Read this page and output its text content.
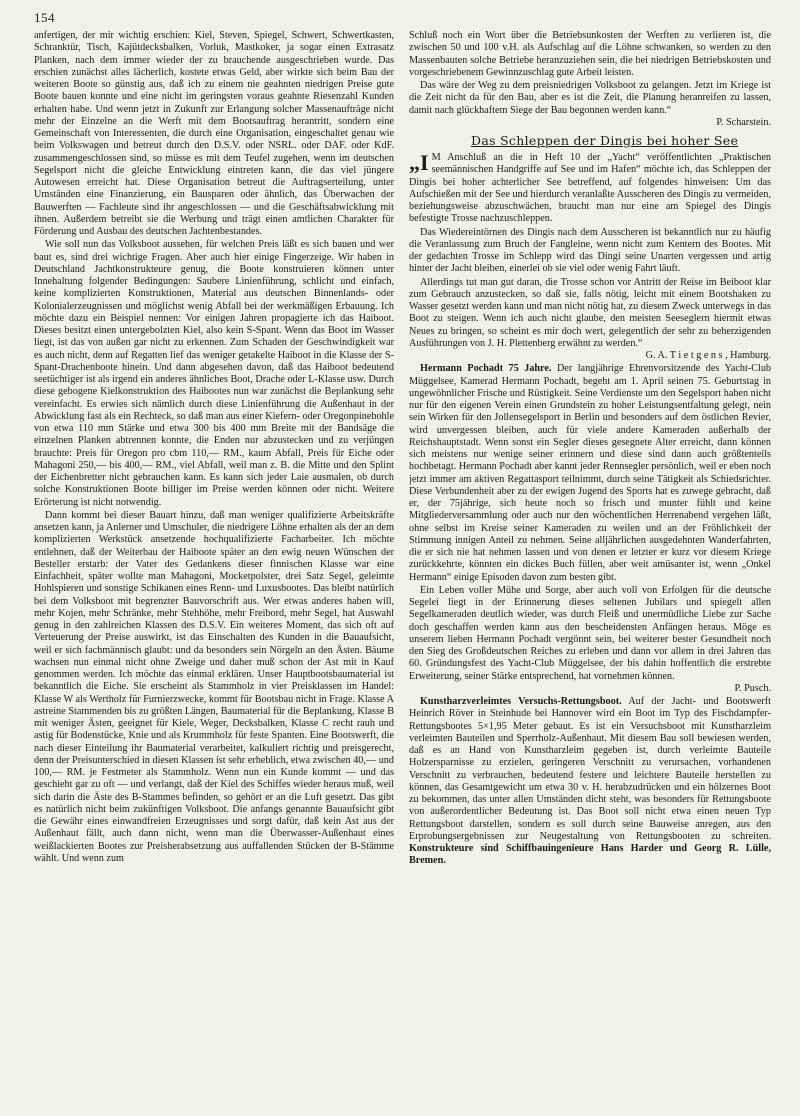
154

anfertigen, der mir wichtig erschien: Kiel, Steven, Spiegel, Schwert, Schwertkasten, Schranktür, Tisch, Kajütdecksbalken, Vorluk, Mastkoker, ja sogar einen Extrasatz Planken, nach dem immer wieder der zu brauchende ausgeschrieben wurde. Das erschien zunächst alles lächerlich, kostete etwas Geld, aber wirkte sich beim Bau der weiteren Boote so günstig aus, daß ich zu einem nie geahnten niedrigen Preise gute Boote bauen konnte und eine nicht im geringsten voraus geahnte Riesenzahl Kunden erhalten habe. Und wenn jetzt in Zukunft zur Erlangung solcher Massenaufträge nicht mehr der Einzelne an die Werft mit dem Bootsauftrag herantritt, sondern eine Gemeinschaft von Interessenten, die durch eine Organisation, eingeschaltet genau wie beim Volkswagen und betreut durch den D.S.V. oder NSRL. oder DAF. oder KdF. zusammengeschlossen sind, so müsse es mit dem Teufel zugehen, wenn im deutschen Segelsport nicht die gleiche Entwicklung eintreten kann, die das viel jüngere Autowesen erreicht hat. Diese Organisation betreut die Auftragserteilung, unter Umständen eine Finanzierung, ein Bausparen oder ähnlich, das Überwachen der Bauwerften — Fachleute sind ihr angeschlossen — und die Geschäftsabwicklung mit ihnen. Außerdem betreibt sie die Werbung und trägt einen amtlichen Charakter für Förderung und Ausbau des deutschen Jachtenbestandes.

Wie soll nun das Volksboot aussehen, für welchen Preis läßt es sich bauen und wer baut es, sind drei wichtige Fragen. Aber auch hier einige Fingerzeige. Wir haben in Deutschland Jachtkonstrukteure genug, die Boote konstruieren können unter Innehaltung folgender Bedingungen: Saubere Linienführung, schlicht und einfach, keine komplizierten Konstruktionen, Material aus deutschen Binnenlands- oder Kolonialerzeugnissen und möglichst wenig Abfall bei der werkmäßigen Erbauung. Ich möchte dazu ein Beispiel nennen: Vor einigen Jahren propagierte ich das Haiboot. Dieses besitzt einen untergebolzten Kiel, also kein S-Spant. Wenn das Boot im Wasser liegt, ist das von außen gar nicht zu erkennen. Zum Schaden der Geschwindigkeit war es auch nicht, denn auf Regatten lief das weniger getakelte Haiboot in die Klasse der S-Spant-Drachenboote hinein. Und dann abgesehen davon, daß das Haiboot bedeutend seetüchtiger ist als irgend ein anderes ähnliches Boot, Drache oder L-Klasse usw. Durch diese gebogene Kielkonstruktion des Haibootes nun war zunächst die Beplankung sehr vereinfacht. Es erwies sich nämlich durch diese Linienführung die Außenhaut in der Abwicklung fast als ein Rechteck, so daß man aus einer Kiefern- oder Oregonpinebohle von etwa 110 mm Stärke und etwa 300 bis 400 mm Breite mit der Bandsäge die einzelnen Planken abtrennen konnte, die Enden nur abzustecken und zu verjüngen brauchte: Preis für Oregon pro cbm 110,— RM., kaum Abfall, Preis für Eiche oder Mahagoni 250,— bis 400,— RM., viel Abfall, weil man z. B. die Mitte und den Splint der Eichenbretter nicht gebrauchen kann. Es kann sich jeder Laie ausmalen, ob durch solche Konstruktionen Boote billiger im Preise werden können oder nicht. Weitere Erörterung ist nicht notwendig.

Dann kommt bei dieser Bauart hinzu, daß man weniger qualifizierte Arbeitskräfte ansetzen kann, ja Anlerner und Umschuler, die niedrigere Löhne erhalten als der an dem komplizierten Werkstück ansetzende hochqualifizierte Facharbeiter. Ich möchte entlehnen, daß der Weiterbau der Haiboote später an den ewig neuen Wünschen der Besteller erstarb: der Vater des Gedankens dieser finnischen Klasse war eine Einfachheit, später wollte man Mahagoni, Mocketpolster, drei Satz Segel, geleimte Hohlspieren und sonstige Schikanen eines Renn- und Luxusbootes. Das bleibt natürlich bei dem Volksboot mit begrenzter Bauvorschrift aus. Wer etwas anderes haben will, mehr Kojen, mehr Schränke, mehr Stehhöhe, mehr Freibord, mehr Segel, hat Auswahl genug in den zahlreichen Klassen des D.S.V. Ein weiteres Moment, das sich oft auf Verteuerung der Preise auswirkt, ist das Einschalten des Kunden in die Bauaufsicht, weil er sich fachmännisch glaubt: und da besonders sein Nörgeln an den Ästen. Bäume wachsen nun einmal nicht ohne Zweige und daher muß schon der Ast mit in Kauf genommen werden. Ich möchte das einmal erklären. Unser Hauptbootsbaumaterial ist bekanntlich die Eiche. Sie erscheint als Stammholz in vier Preisklassen im Handel: Klasse W als Wertholz für Furnierzwecke, kommt für Bootsbau nicht in Frage. Klasse A astreine Stammenden bis zu größten Längen, Baumaterial für die Beplankung, Klasse B mit weniger Ästen, geeignet für Kiele, Weger, Decksbalken, Klasse C recht rauh und astig für Bodenstücke, Knie und als Krummholz für feste Spanten. Eine Bootswerft, die nach dieser Einteilung ihr Baumaterial verarbeitet, kalkuliert richtig und preisgerecht, denn der Preisunterschied in diesen Klassen ist sehr erheblich, etwa zwischen 40,— und 100,— RM. je Festmeter als Stammholz. Wenn nun ein Kunde kommt — und das geschieht gar zu oft — und verlangt, daß der Kiel des Schiffes wieder heraus muß, weil sich darin die Äste des B-Stammes befinden, so gehört er an die Luft gesetzt. Das gibt es natürlich nicht beim zukünftigen Volksboot. Die anfangs genannte Bauaufsicht gibt die Gewähr eines einwandfreien Erzeugnisses und sorgt dafür, daß kein Ast aus der Außenhaut fällt, auch dann nicht, wenn man die Überwasser-Außenhaut eines weißlackierten Bootes zur Preisherabsetzung aus auffallenden Stücken der B-Stämme wählt. Und wenn zum

Schluß noch ein Wort über die Betriebsunkosten der Werften zu verlieren ist, die zwischen 50 und 100 v.H. als Aufschlag auf die Löhne schwanken, so werden zu den Massenbauten solche Betriebe heranzuziehen sein, die bei niedrigen Betriebskosten und vorgeschriebenem Gewinnzuschlag gute Arbeit leisten.

Das wäre der Weg zu dem preisniedrigen Volksboot zu gelangen. Jetzt im Kriege ist die Zeit nicht da für den Bau, aber es ist die Zeit, die Planung heranreifen zu lassen, damit nach glückhaftem Siege der Bau begonnen werden kann.“
P. Scharstein.

Das Schleppen der Dingis bei hoher See

„I M Anschluß an die in Heft 10 der „Yacht“ veröffentlichten „Praktischen seemännischen Handgriffe auf See und im Hafen“ möchte ich, das Schleppen der Dingis bei hoher achterlicher See betreffend, auf folgendes hinweisen: Um das Aufschießen mit der See und hierdurch veranlaßte Ausscheren des Dingis zu vermeiden, beziehungsweise abzuschwächen, braucht man nur eine am Spiegel des Dingis befestigte Trosse nachzuschleppen.

Das Wiedereintörnen des Dingis nach dem Ausscheren ist bekanntlich nur zu häufig die Veranlassung zum Bruch der Fangleine, wenn nicht zum Kentern des Bootes. Mit der gedachten Trosse im Schlepp wird das Dingi seine Unarten vergessen und artig hinter der Jacht bleiben, einerlei ob sie viel oder wenig Fahrt läuft.

Allerdings tut man gut daran, die Trosse schon vor Antritt der Reise im Beiboot klar zum Gebrauch anzustecken, so daß sie, falls nötig, leicht mit einem Bootshaken zu Wasser gesetzt werden kann und man nicht nötig hat, zu diesem Zweck unterwegs in das Boot zu steigen. Wenn ich auch nicht glaube, den meisten Seeseglern hiermit etwas Neues zu bringen, so scheint es mir doch wert, gelegentlich der sehr zu beherzigenden Ausführungen von J. H. Plettenberg erwähnt zu werden.“
G. A. T i e t g e n s , Hamburg.

Hermann Pochadt 75 Jahre. Der langjährige Ehrenvorsitzende des Yacht-Club Müggelsee, Kamerad Hermann Pochadt, begeht am 1. April seinen 75. Geburtstag in ungewöhnlicher Frische und Rüstigkeit. Seine Verdienste um den Segelsport haben nicht nur für den eigenen Verein einen Grundstein zu hoher Leistungsentfaltung gelegt, nein sein Wirken für den Jollensegelsport in Berlin und besonders auf dem östlichen Revier, wird unvergessen bleiben, auch für viele andere Kameraden außerhalb der Reichshauptstadt. Wenn sonst ein Segler dieses gesegnete Alter erreicht, dann können sich meistens nur wenige seiner erinnern und diese sind dann auch größtenteils hochbetagt. Hermann Pochadt aber kannt jeder Rennsegler persönlich, weil er eben noch jetzt immer am aktiven Regattasport teilnimmt, durch seine Tätigkeit als Schiedsrichter. Diese Verbundenheit aber zu der ewigen Jugend des Sports hat es zuwege gebracht, daß er, der 75jährige, sich heute noch so frisch und munter fühlt und keine Mitgliederversammlung oder auch nur den wöchentlichen Herrenabend vergehen läßt, ohne selbst im Kreise seiner Kameraden zu weilen und an der Fröhlichkeit der Stimmung innigen Anteil zu nehmen. Seine alljährlichen ausgedehnten Wanderfahrten, die er sich nie hat nehmen lassen und von denen er letzter er kurz vor diesem Kriege zurückkehrte, könnten ein dickes Buch füllen, aber weit amüsanter ist, wenn „Onkel Hermann“ einige Episoden davon zum besten gibt.

Ein Leben voller Mühe und Sorge, aber auch voll von Erfolgen für die deutsche Segelei liegt in der Erinnerung dieses seltenen Jubilars und spiegelt allen Segelkameraden deutlich wieder, was durch Fleiß und unermüdliche Liebe zur Sache doch geschaffen werden kann aus den bescheidensten Anfängen heraus. Möge es unserem lieben Hermann Pochadt vergönnt sein, bei weiterer bester Gesundheit noch den Sieg des Großdeutschen Reiches zu erleben und dann vor allem in drei Jahren das 60. Gründungsfest des Yacht-Club Müggelsee, der bis dahin hoffentlich die erstrebte Erweiterung, seiner Stärke entsprechend, hat vornehmen können.
P. Pusch.

Kunstharzverleimtes Versuchs-Rettungsboot. Auf der Jacht- und Bootswerft Heinrich Röver in Steinhude bei Hannover wird ein Boot im Typ des Fischdampfer-Rettungsbootes 5×1,95 Meter gebaut. Es ist ein Versuchsboot mit Kunstharzleim verleimten Bauteilen und Sperrholz-Außenhaut. Mit diesem Bau soll bewiesen werden, daß es an Hand von Kunstharzleim gegeben ist, durch verleimte Bauteile Holzersparnisse zu erzielen, geringeren Verschnitt zu verursachen, vorhandenen Verschnitt zu verbrauchen, bedeutend festere und leichtere Bauteile herstellen zu können, das Gesamtgewicht um etwa 30 v. H. herabzudrücken und ein hölzernes Boot zu bekommen, das unter allen Umständen dicht steht, was besonders für Rettungsboote von außerordentlicher Bedeutung ist. Das Boot soll nicht etwa einen neuen Typ Rettungsboot darstellen, sondern es soll durch seine Bauweise anregen, aus den Erprobungsergebnissen zur Neugestaltung von Rettungsbooten zu schreiten. Konstrukteure sind Schiffbauingenieure Hans Harder und Georg R. Lülle, Bremen.
